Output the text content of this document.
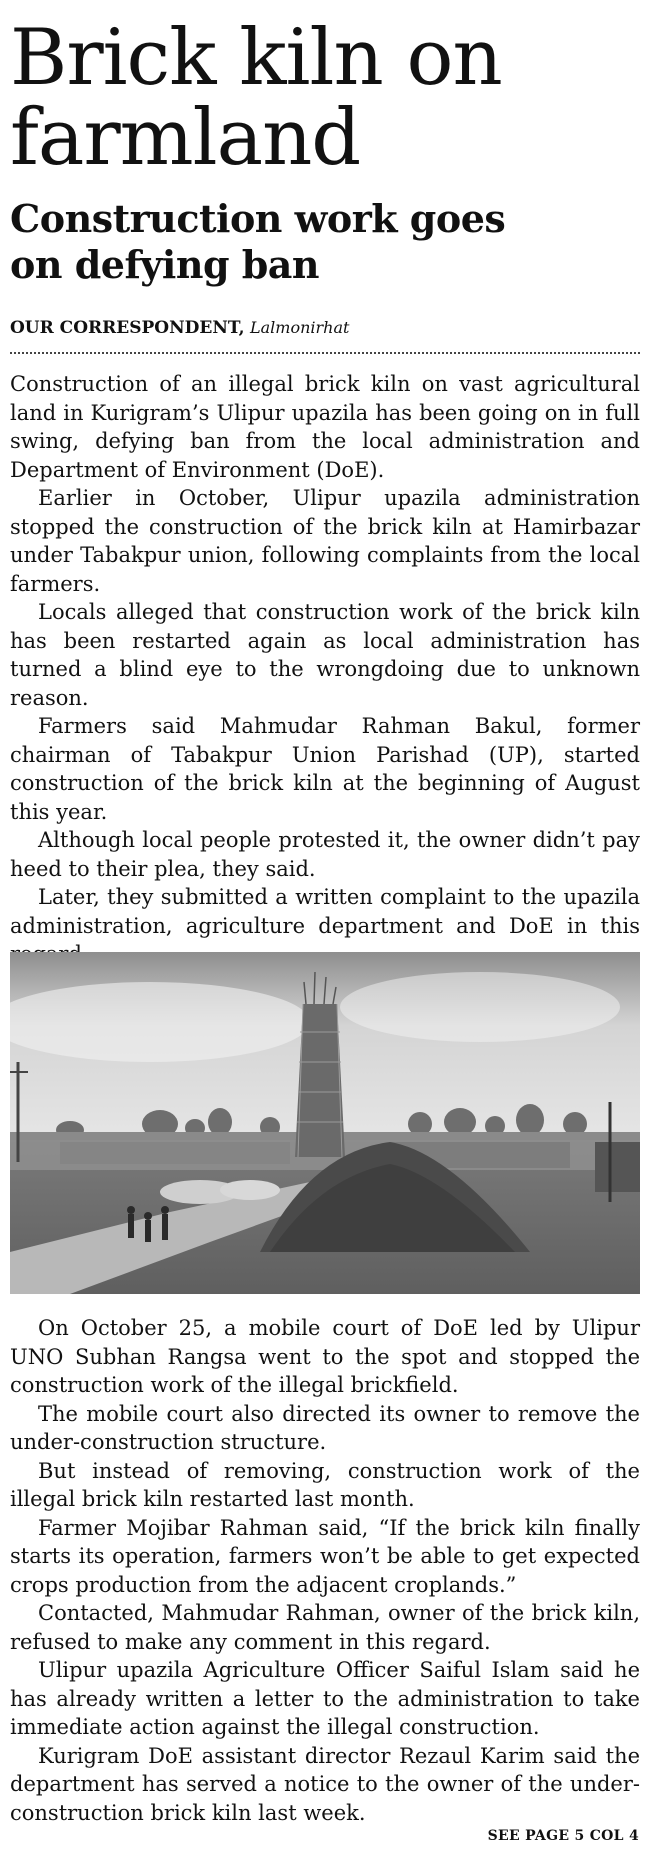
Brick kiln on
farmland
Construction work goes
on defying ban
OUR CORRESPONDENT, Lalmonirhat

Construction of an illegal brick kiln on vast agricultural land in Kurigram’s Ulipur upazila has been going on in full swing, defying ban from the local administration and Department of Environment (DoE).

Earlier in October, Ulipur upazila administration stopped the construction of the brick kiln at Hamirbazar under Tabakpur union, following complaints from the local farmers.

Locals alleged that construction work of the brick kiln has been restarted again as local administration has turned a blind eye to the wrongdoing due to unknown reason.

Farmers said Mahmudar Rahman Bakul, former chairman of Tabakpur Union Parishad (UP), started construction of the brick kiln at the beginning of August this year.

Although local people protested it, the owner didn’t pay heed to their plea, they said.

Later, they submitted a written complaint to the upazila administration, agriculture department and DoE in this

On October 25, a mobile court of DoE led by Ulipur UNO Subhan Rangsa went to the spot and stopped the construction work of the illegal brickfield.

The mobile court also directed its owner to remove the under-construction structure.

But instead of removing, construction work of the illegal brick kiln restarted last month.

Farmer Mojibar Rahman said, “If the brick kiln finally starts its operation, farmers won’t be able to get expected crops production from the adjacent croplands.”

Contacted, Mahmudar Rahman, owner of the brick kiln, refused to make any comment in this regard.

Ulipur upazila Agriculture Officer Saiful Islam said he has already written a letter to the administration to take immediate action against the illegal construction.

Kurigram DoE assistant director Rezaul Karim said the department has served a notice to the owner of the under-construction brick kiln last week.

SEE PAGE 5 COL 4
